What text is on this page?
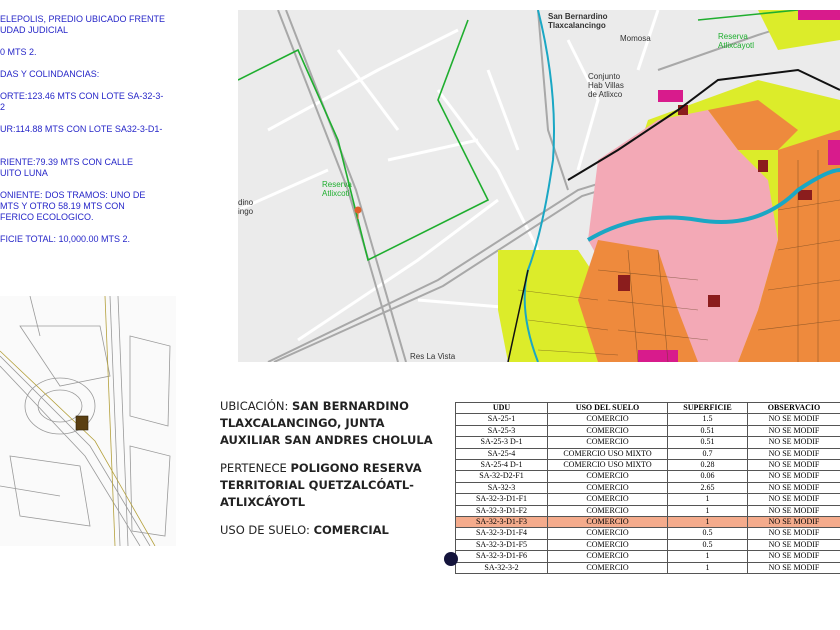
ELEPOLIS, PREDIO UBICADO FRENTE
UDAD JUDICIAL

0 MTS 2.

DAS Y COLINDANCIAS:

ORTE:123.46 MTS CON LOTE SA-32-3-
2

UR:114.88 MTS CON LOTE SA32-3-D1-

RIENTE:79.39 MTS CON CALLE
UITO LUNA

ONIENTE: DOS TRAMOS: UNO DE
MTS Y OTRO 58.19 MTS CON
FERICO ECOLOGICO.

FICIE TOTAL: 10,000.00 MTS 2.

San Bernardino
Tlaxcalancingo
Momosa
Conjunto
Hab Villas
de Atlixco
Reserva
Atlixcayotl
Reserva
Atlixcoti
Res La Vista
dino
ingo

UBICACIÓN: SAN BERNARDINO TLAXCALANCINGO, JUNTA AUXILIAR SAN ANDRES CHOLULA

PERTENECE POLIGONO RESERVA TERRITORIAL QUETZALCÓATL-ATLIXCÁYOTL

USO DE SUELO: COMERCIAL

UDU	USO DEL SUELO	SUPERFICIE	OBSERVACIO
SA-25-1	COMERCIO	1.5	NO SE MODIF
SA-25-3	COMERCIO	0.51	NO SE MODIF
SA-25-3 D-1	COMERCIO	0.51	NO SE MODIF
SA-25-4	COMERCIO USO MIXTO	0.7	NO SE MODIF
SA-25-4 D-1	COMERCIO USO MIXTO	0.28	NO SE MODIF
SA-32-D2-F1	COMERCIO	0.06	NO SE MODIF
SA-32-3	COMERCIO	2.65	NO SE MODIF
SA-32-3-D1-F1	COMERCIO	1	NO SE MODIF
SA-32-3-D1-F2	COMERCIO	1	NO SE MODIF
SA-32-3-D1-F3	COMERCIO	1	NO SE MODIF
SA-32-3-D1-F4	COMERCIO	0.5	NO SE MODIF
SA-32-3-D1-F5	COMERCIO	0.5	NO SE MODIF
SA-32-3-D1-F6	COMERCIO	1	NO SE MODIF
SA-32-3-2	COMERCIO	1	NO SE MODIF
